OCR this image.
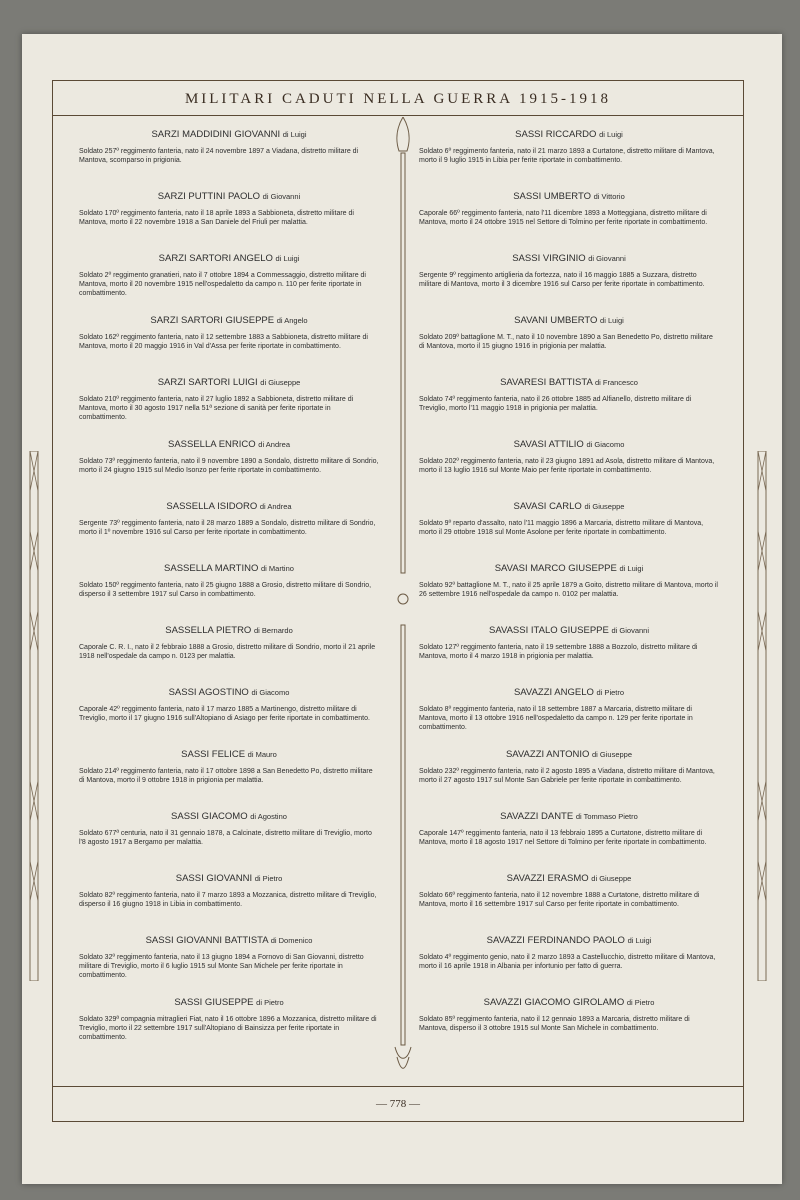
MILITARI CADUTI NELLA GUERRA 1915-1918
SARZI MADDIDINI GIOVANNI di Luigi
Soldato 257º reggimento fanteria, nato il 24 novembre 1897 a Viadana, distretto militare di Mantova, scomparso in prigionia.
SARZI PUTTINI PAOLO di Giovanni
Soldato 170º reggimento fanteria, nato il 18 aprile 1893 a Sabbioneta, distretto militare di Mantova, morto il 22 novembre 1918 a San Daniele del Friuli per malattia.
SARZI SARTORI ANGELO di Luigi
Soldato 2º reggimento granatieri, nato il 7 ottobre 1894 a Commessaggio, distretto militare di Mantova, morto il 20 novembre 1915 nell'ospedaletto da campo n. 110 per ferite riportate in combattimento.
SARZI SARTORI GIUSEPPE di Angelo
Soldato 162º reggimento fanteria, nato il 12 settembre 1883 a Sabbioneta, distretto militare di Mantova, morto il 20 maggio 1916 in Val d'Assa per ferite riportate in combattimento.
SARZI SARTORI LUIGI di Giuseppe
Soldato 210º reggimento fanteria, nato il 27 luglio 1892 a Sabbioneta, distretto militare di Mantova, morto il 30 agosto 1917 nella 51ª sezione di sanità per ferite riportate in combattimento.
SASSELLA ENRICO di Andrea
Soldato 73º reggimento fanteria, nato il 9 novembre 1890 a Sondalo, distretto militare di Sondrio, morto il 24 giugno 1915 sul Medio Isonzo per ferite riportate in combattimento.
SASSELLA ISIDORO di Andrea
Sergente 73º reggimento fanteria, nato il 28 marzo 1889 a Sondalo, distretto militare di Sondrio, morto il 1º novembre 1916 sul Carso per ferite riportate in combattimento.
SASSELLA MARTINO di Martino
Soldato 150º reggimento fanteria, nato il 25 giugno 1888 a Grosio, distretto militare di Sondrio, disperso il 3 settembre 1917 sul Carso in combattimento.
SASSELLA PIETRO di Bernardo
Caporale C. R. I., nato il 2 febbraio 1888 a Grosio, distretto militare di Sondrio, morto il 21 aprile 1918 nell'ospedale da campo n. 0123 per malattia.
SASSI AGOSTINO di Giacomo
Caporale 42º reggimento fanteria, nato il 17 marzo 1885 a Martinengo, distretto militare di Treviglio, morto il 17 giugno 1916 sull'Altopiano di Asiago per ferite riportate in combattimento.
SASSI FELICE di Mauro
Soldato 214º reggimento fanteria, nato il 17 ottobre 1898 a San Benedetto Po, distretto militare di Mantova, morto il 9 ottobre 1918 in prigionia per malattia.
SASSI GIACOMO di Agostino
Soldato 677ª centuria, nato il 31 gennaio 1878, a Calcinate, distretto militare di Treviglio, morto l'8 agosto 1917 a Bergamo per malattia.
SASSI GIOVANNI di Pietro
Soldato 82º reggimento fanteria, nato il 7 marzo 1893 a Mozzanica, distretto militare di Treviglio, disperso il 16 giugno 1918 in Libia in combattimento.
SASSI GIOVANNI BATTISTA di Domenico
Soldato 32º reggimento fanteria, nato il 13 giugno 1894 a Fornovo di San Giovanni, distretto militare di Treviglio, morto il 6 luglio 1915 sul Monte San Michele per ferite riportate in combattimento.
SASSI GIUSEPPE di Pietro
Soldato 329ª compagnia mitraglieri Fiat, nato il 16 ottobre 1896 a Mozzanica, distretto militare di Treviglio, morto il 22 settembre 1917 sull'Altopiano di Bainsizza per ferite riportate in combattimento.
SASSI RICCARDO di Luigi
Soldato 6º reggimento fanteria, nato il 21 marzo 1893 a Curtatone, distretto militare di Mantova, morto il 9 luglio 1915 in Libia per ferite riportate in combattimento.
SASSI UMBERTO di Vittorio
Caporale 66º reggimento fanteria, nato l'11 dicembre 1893 a Motteggiana, distretto militare di Mantova, morto il 24 ottobre 1915 nel Settore di Tolmino per ferite riportate in combattimento.
SASSI VIRGINIO di Giovanni
Sergente 9º reggimento artiglieria da fortezza, nato il 16 maggio 1885 a Suzzara, distretto militare di Mantova, morto il 3 dicembre 1916 sul Carso per ferite riportate in combattimento.
SAVANI UMBERTO di Luigi
Soldato 209º battaglione M. T., nato il 10 novembre 1890 a San Benedetto Po, distretto militare di Mantova, morto il 15 giugno 1916 in prigionia per malattia.
SAVARESI BATTISTA di Francesco
Soldato 74º reggimento fanteria, nato il 26 ottobre 1885 ad Alfianello, distretto militare di Treviglio, morto l'11 maggio 1918 in prigionia per malattia.
SAVASI ATTILIO di Giacomo
Soldato 202º reggimento fanteria, nato il 23 giugno 1891 ad Asola, distretto militare di Mantova, morto il 13 luglio 1916 sul Monte Maio per ferite riportate in combattimento.
SAVASI CARLO di Giuseppe
Soldato 9º reparto d'assalto, nato l'11 maggio 1896 a Marcaria, distretto militare di Mantova, morto il 29 ottobre 1918 sul Monte Asolone per ferite riportate in combattimento.
SAVASI MARCO GIUSEPPE di Luigi
Soldato 92º battaglione M. T., nato il 25 aprile 1879 a Goito, distretto militare di Mantova, morto il 26 settembre 1916 nell'ospedale da campo n. 0102 per malattia.
SAVASSI ITALO GIUSEPPE di Giovanni
Soldato 127º reggimento fanteria, nato il 19 settembre 1888 a Bozzolo, distretto militare di Mantova, morto il 4 marzo 1918 in prigionia per malattia.
SAVAZZI ANGELO di Pietro
Soldato 8º reggimento fanteria, nato il 18 settembre 1887 a Marcaria, distretto militare di Mantova, morto il 13 ottobre 1916 nell'ospedaletto da campo n. 129 per ferite riportate in combattimento.
SAVAZZI ANTONIO di Giuseppe
Soldato 232º reggimento fanteria, nato il 2 agosto 1895 a Viadana, distretto militare di Mantova, morto il 27 agosto 1917 sul Monte San Gabriele per ferite riportate in combattimento.
SAVAZZI DANTE di Tommaso Pietro
Caporale 147º reggimento fanteria, nato il 13 febbraio 1895 a Curtatone, distretto militare di Mantova, morto il 18 agosto 1917 nel Settore di Tolmino per ferite riportate in combattimento.
SAVAZZI ERASMO di Giuseppe
Soldato 66º reggimento fanteria, nato il 12 novembre 1888 a Curtatone, distretto militare di Mantova, morto il 16 settembre 1917 sul Carso per ferite riportate in combattimento.
SAVAZZI FERDINANDO PAOLO di Luigi
Soldato 4º reggimento genio, nato il 2 marzo 1893 a Castellucchio, distretto militare di Mantova, morto il 16 aprile 1918 in Albania per infortunio per fatto di guerra.
SAVAZZI GIACOMO GIROLAMO di Pietro
Soldato 85º reggimento fanteria, nato il 12 gennaio 1893 a Marcaria, distretto militare di Mantova, disperso il 3 ottobre 1915 sul Monte San Michele in combattimento.
— 778 —
